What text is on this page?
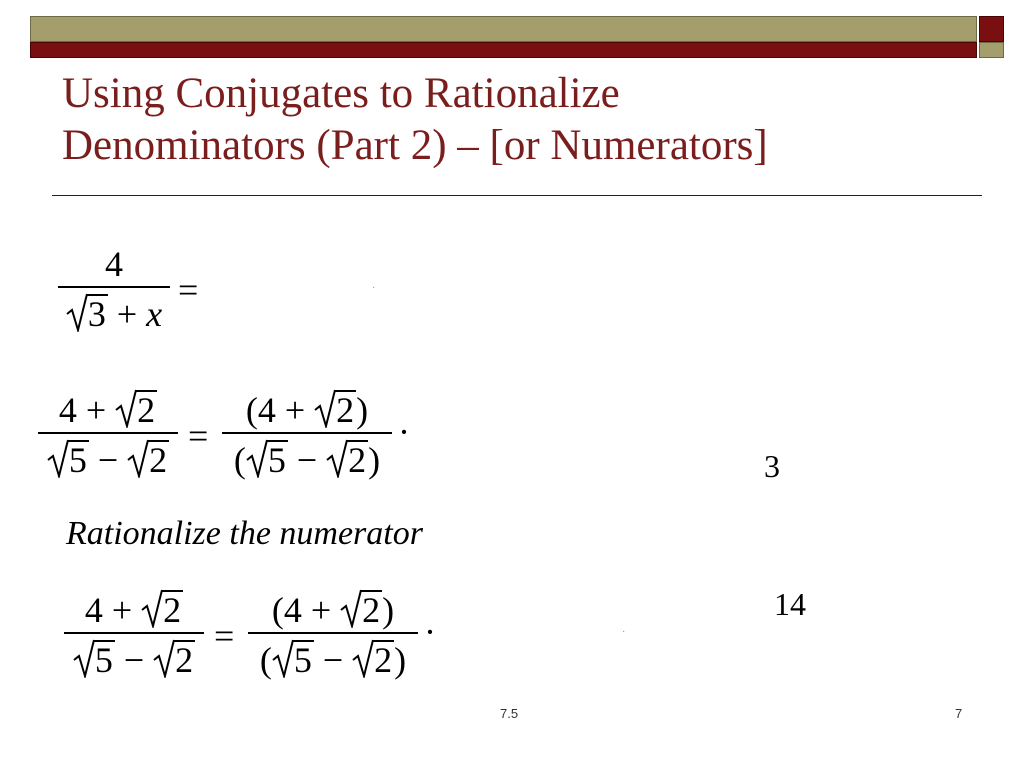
Using Conjugates to Rationalize
Denominators (Part 2) – [or Numerators]
4
3 + x
=	·
4 +
2
5 −
2
=
(4 +
2)
( 5 −
2)
·
3
Rationalize the numerator
4 +
2
5 −
2
=
(4 +
2)
( 5 −
2)
·
14
·
7.5	7
